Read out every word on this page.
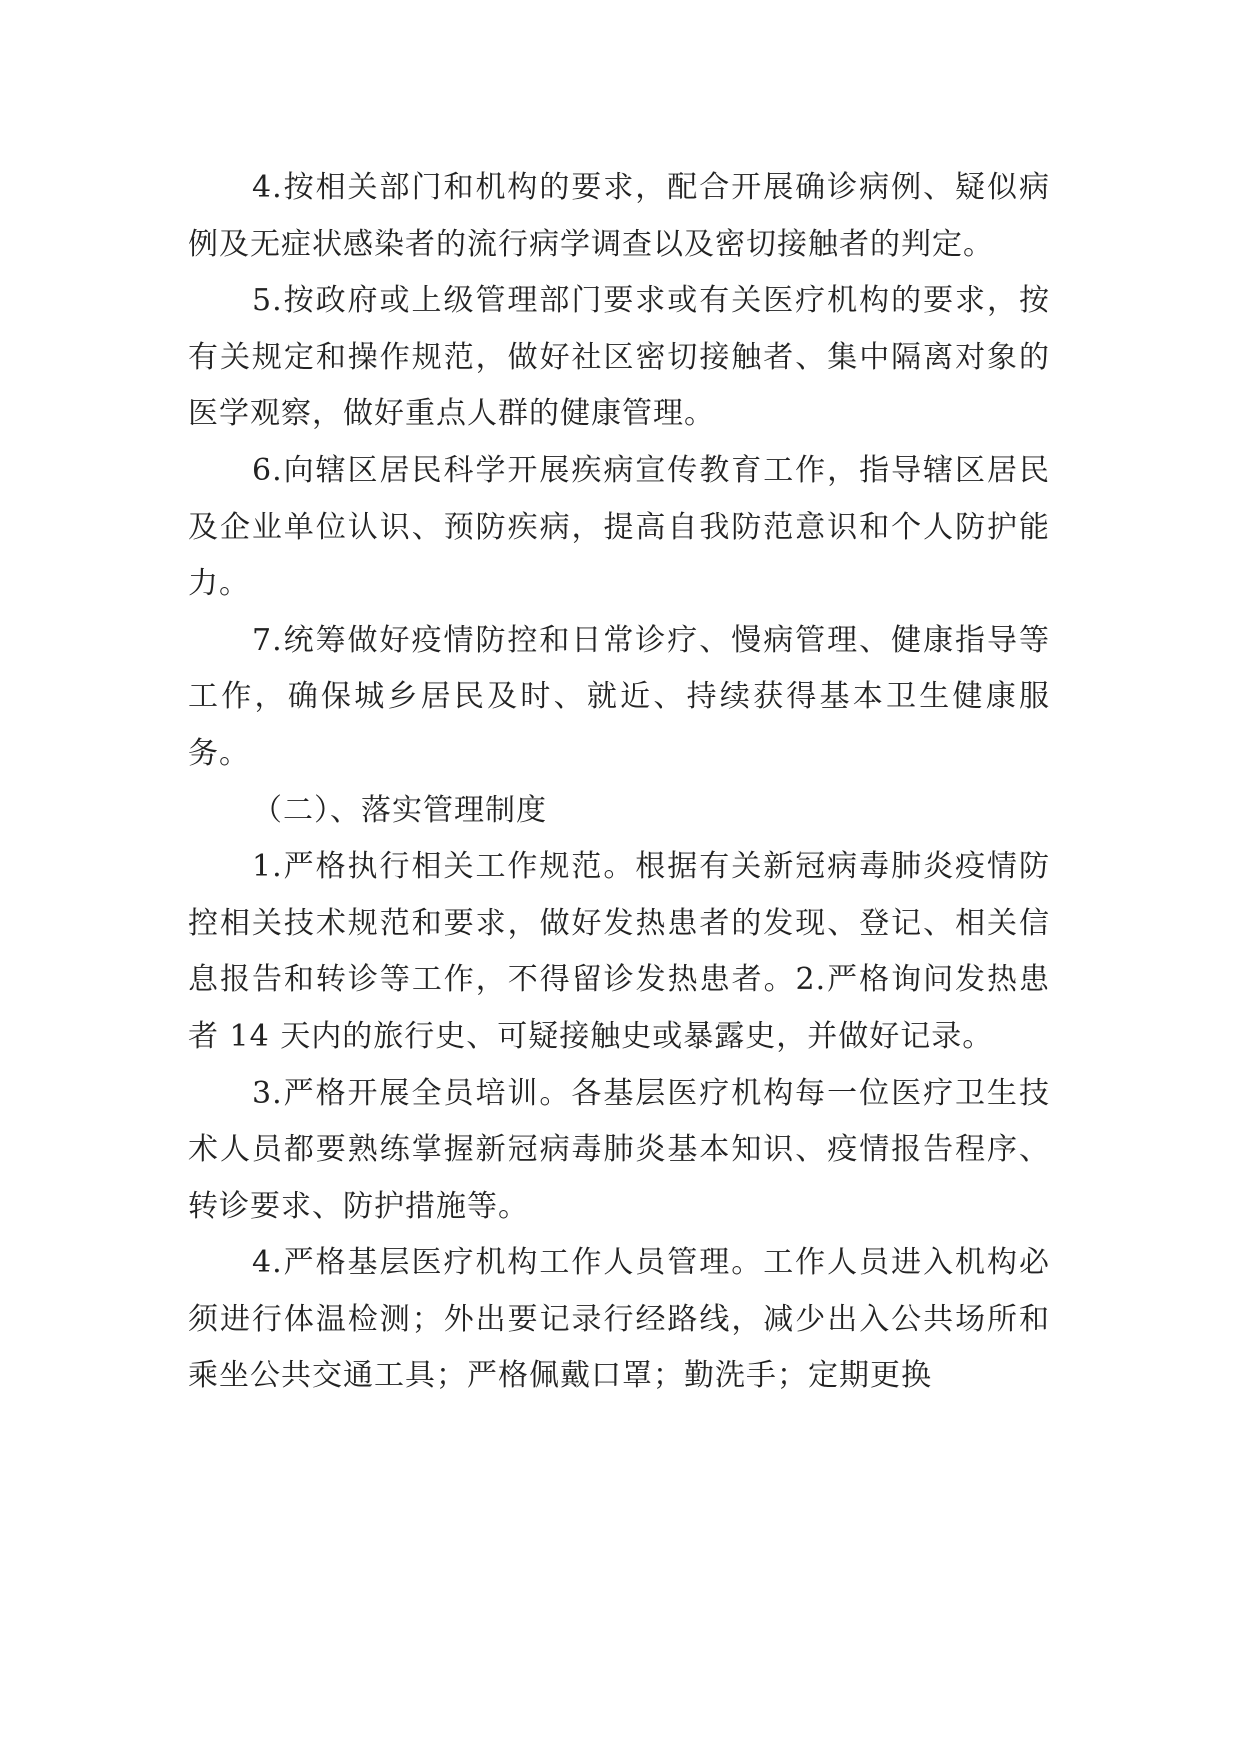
4.按相关部门和机构的要求，配合开展确诊病例、疑似病例及无症状感染者的流行病学调查以及密切接触者的判定。

5.按政府或上级管理部门要求或有关医疗机构的要求，按有关规定和操作规范，做好社区密切接触者、集中隔离对象的医学观察，做好重点人群的健康管理。

6.向辖区居民科学开展疾病宣传教育工作，指导辖区居民及企业单位认识、预防疾病，提高自我防范意识和个人防护能力。

7.统筹做好疫情防控和日常诊疗、慢病管理、健康指导等工作，确保城乡居民及时、就近、持续获得基本卫生健康服务。

（二）、落实管理制度

1.严格执行相关工作规范。根据有关新冠病毒肺炎疫情防控相关技术规范和要求，做好发热患者的发现、登记、相关信息报告和转诊等工作，不得留诊发热患者。2.严格询问发热患者 14 天内的旅行史、可疑接触史或暴露史，并做好记录。

3.严格开展全员培训。各基层医疗机构每一位医疗卫生技术人员都要熟练掌握新冠病毒肺炎基本知识、疫情报告程序、转诊要求、防护措施等。

4.严格基层医疗机构工作人员管理。工作人员进入机构必须进行体温检测；外出要记录行经路线，减少出入公共场所和乘坐公共交通工具；严格佩戴口罩；勤洗手；定期更换
